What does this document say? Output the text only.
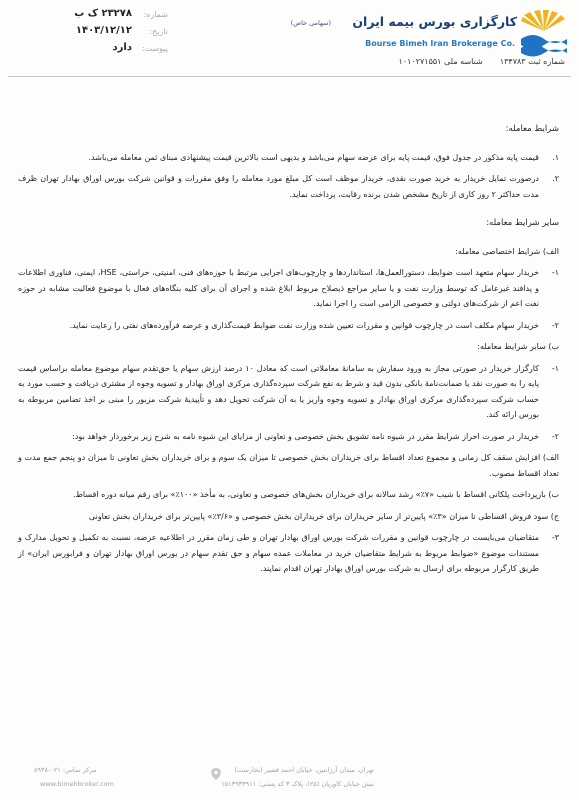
کارگزاری بورس بیمه ایران
(سهامی خاص)
Bourse Bimeh Iran Brokerage Co.
شماره ثبت ۱۳۴۷۸۳  شناسه ملی ۱۰۱۰۲۷۱۵۵۱
شماره:
۲۳۲۷۸ ک ب
تاریخ:
۱۴۰۳/۱۲/۱۲
پیوست:
دارد
شرایط معامله:
۱.
قیمت پایه مذکور در جدول فوق، قیمت پایه برای عرضه سهام می‌باشد و بدیهی است بالاترین قیمت پیشنهادی مبنای ثمن معامله می‌باشد.
۲.
درصورت تمایل خریدار به خرید صورت نقدی، خریدار موظف است کل مبلغ مورد معامله را وفق مقررات و قوانین شرکت بورس اوراق بهادار تهران ظرف مدت حداکثر ۲ روز کاری از تاریخ مشخص شدن برنده رقابت، پرداخت نماید.
سایر شرایط معامله:
الف) شرایط اختصاصی معامله:
۱-
خریدار سهام متعهد است ضوابط، دستورالعمل‌ها، استانداردها و چارچوب‌های اجرایی مرتبط با حوزه‌های فنی، امنیتی، حراستی، HSE، ایمنی، فناوری اطلاعات و پدافند غیرعامل که توسط وزارت نفت و یا سایر مراجع ذیصلاح مربوط ابلاغ شده و اجرای آن برای کلیه بنگاه‌های فعال با موضوع فعالیت مشابه در حوزه نفت اعم از شرکت‌های دولتی و خصوصی الزامی است را اجرا نماید.
۲-
خریدار سهام مکلف است در چارچوب قوانین و مقررات تعیین شده وزارت نفت ضوابط قیمت‌گذاری و عرضه فرآورده‌های نفتی را رعایت نماید.
ب) سایر شرایط معامله:
۱-
کارگزار خریدار در صورتی مجاز به ورود سفارش به سامانهٔ معاملاتی است که معادل ۱۰ درصد ارزش سهام یا حق‌تقدم سهام موضوع معامله براساس قیمت پایه را به صورت نقد یا ضمانت‌نامهٔ بانکی بدون قید و شرط به نفع شرکت سپرده‌گذاری مرکزی اوراق بهادار و تسویه وجوه از مشتری دریافت و حسب مورد به حساب شرکت سپرده‌گذاری مرکزی اوراق بهادار و تسویه وجوه واریز یا به آن شرکت تحویل دهد و تأییدیهٔ شرکت مزبور را مبنی بر اخذ تضامین مربوطه به بورس ارائه کند.
۲-
خریدار در صورت احراز شرایط مقرر در شیوه نامه تشویق بخش خصوصی و تعاونی از مزایای این شیوه نامه به شرح زیر برخوردار خواهد بود:
الف) افزایش سقف کل زمانی و مجموع تعداد اقساط برای خریداران بخش خصوصی تا میزان یک سوم و برای خریداران بخش تعاونی تا میزان دو پنجم جمع مدت و تعداد اقساط مصوب.
ب) بازپرداخت پلکانی اقساط با شیب «۷٪» رشد سالانه برای خریداران بخش‌های خصوصی و تعاونی، به مأخذ «۱۰۰٪» برای رقم میانه دوره اقساط.
ج) سود فروش اقساطی تا میزان «۳٪» پایین‌تر از سایر خریداران برای خریداران بخش خصوصی و «۳/۶٪» پایین‌تر برای خریداران بخش تعاونی
۳-
متقاضیان می‌بایست در چارچوب قوانین و مقررات شرکت بورس اوراق بهادار تهران و طی زمان مقرر در اطلاعیه عرضه، نسبت به تکمیل و تحویل مدارک و مستندات موضوع «ضوابط مربوط به شرایط متقاضیان خرید در معاملات عمده سهام و حق تقدم سهام در بورس اوراق بهادار تهران و فرابورس ایران» از طریق کارگزار مربوطه برای ارسال به شرکت بورس اوراق بهادار تهران اقدام نمایند.
تهران، میدان آرژانتین، خیابان احمد قصیر (بخارست)
نبش خیابان کاوزیان (۲۵)، پلاک ۳ کد پستی: ۱۵۱۳۹۳۳۹۱۱
مرکز تماس: ۰۲۱-۸۹۳۸
www.bimehbroker.com
